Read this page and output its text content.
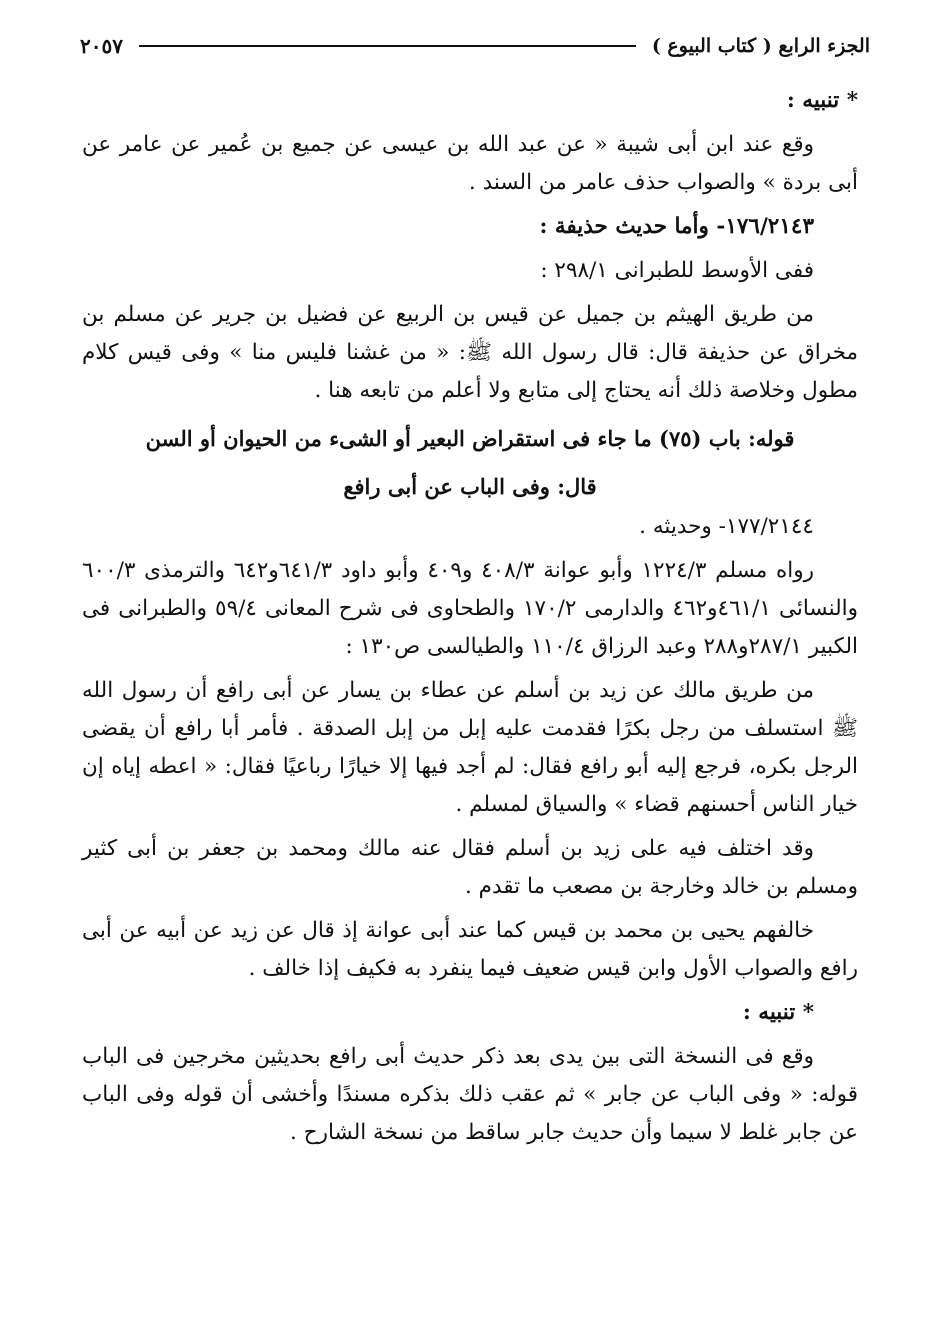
الجزء الرابع ( كتاب البيوع )
٢٠٥٧

* تنبيه :

وقع عند ابن أبى شيبة « عن عبد الله بن عيسى عن جميع بن عُمير عن عامر عن أبى بردة » والصواب حذف عامر من السند .

١٧٦/٢١٤٣- وأما حديث حذيفة :

ففى الأوسط للطبرانى ٢٩٨/١ :

من طريق الهيثم بن جميل عن قيس بن الربيع عن فضيل بن جرير عن مسلم بن مخراق عن حذيفة قال: قال رسول الله ﷺ: « من غشنا فليس منا » وفى قيس كلام مطول وخلاصة ذلك أنه يحتاج إلى متابع ولا أعلم من تابعه هنا .

قوله: باب (٧٥) ما جاء فى استقراض البعير أو الشىء من الحيوان أو السن

قال: وفى الباب عن أبى رافع

١٧٧/٢١٤٤- وحديثه .

رواه مسلم ١٢٢٤/٣ وأبو عوانة ٤٠٨/٣ و٤٠٩ وأبو داود ٦٤١/٣و٦٤٢ والترمذى ٦٠٠/٣ والنسائى ٤٦١/١و٤٦٢ والدارمى ١٧٠/٢ والطحاوى فى شرح المعانى ٥٩/٤ والطبرانى فى الكبير ٢٨٧/١و٢٨٨ وعبد الرزاق ١١٠/٤ والطيالسى ص١٣٠ :

من طريق مالك عن زيد بن أسلم عن عطاء بن يسار عن أبى رافع أن رسول الله ﷺ استسلف من رجل بكرًا فقدمت عليه إبل من إبل الصدقة . فأمر أبا رافع أن يقضى الرجل بكره، فرجع إليه أبو رافع فقال: لم أجد فيها إلا خيارًا رباعيًا فقال: « اعطه إياه إن خيار الناس أحسنهم قضاء » والسياق لمسلم .

وقد اختلف فيه على زيد بن أسلم فقال عنه مالك ومحمد بن جعفر بن أبى كثير ومسلم بن خالد وخارجة بن مصعب ما تقدم .

خالفهم يحيى بن محمد بن قيس كما عند أبى عوانة إذ قال عن زيد عن أبيه عن أبى رافع والصواب الأول وابن قيس ضعيف فيما ينفرد به فكيف إذا خالف .

* تنبيه :

وقع فى النسخة التى بين يدى بعد ذكر حديث أبى رافع بحديثين مخرجين فى الباب قوله: « وفى الباب عن جابر » ثم عقب ذلك بذكره مسندًا وأخشى أن قوله وفى الباب عن جابر غلط لا سيما وأن حديث جابر ساقط من نسخة الشارح .
